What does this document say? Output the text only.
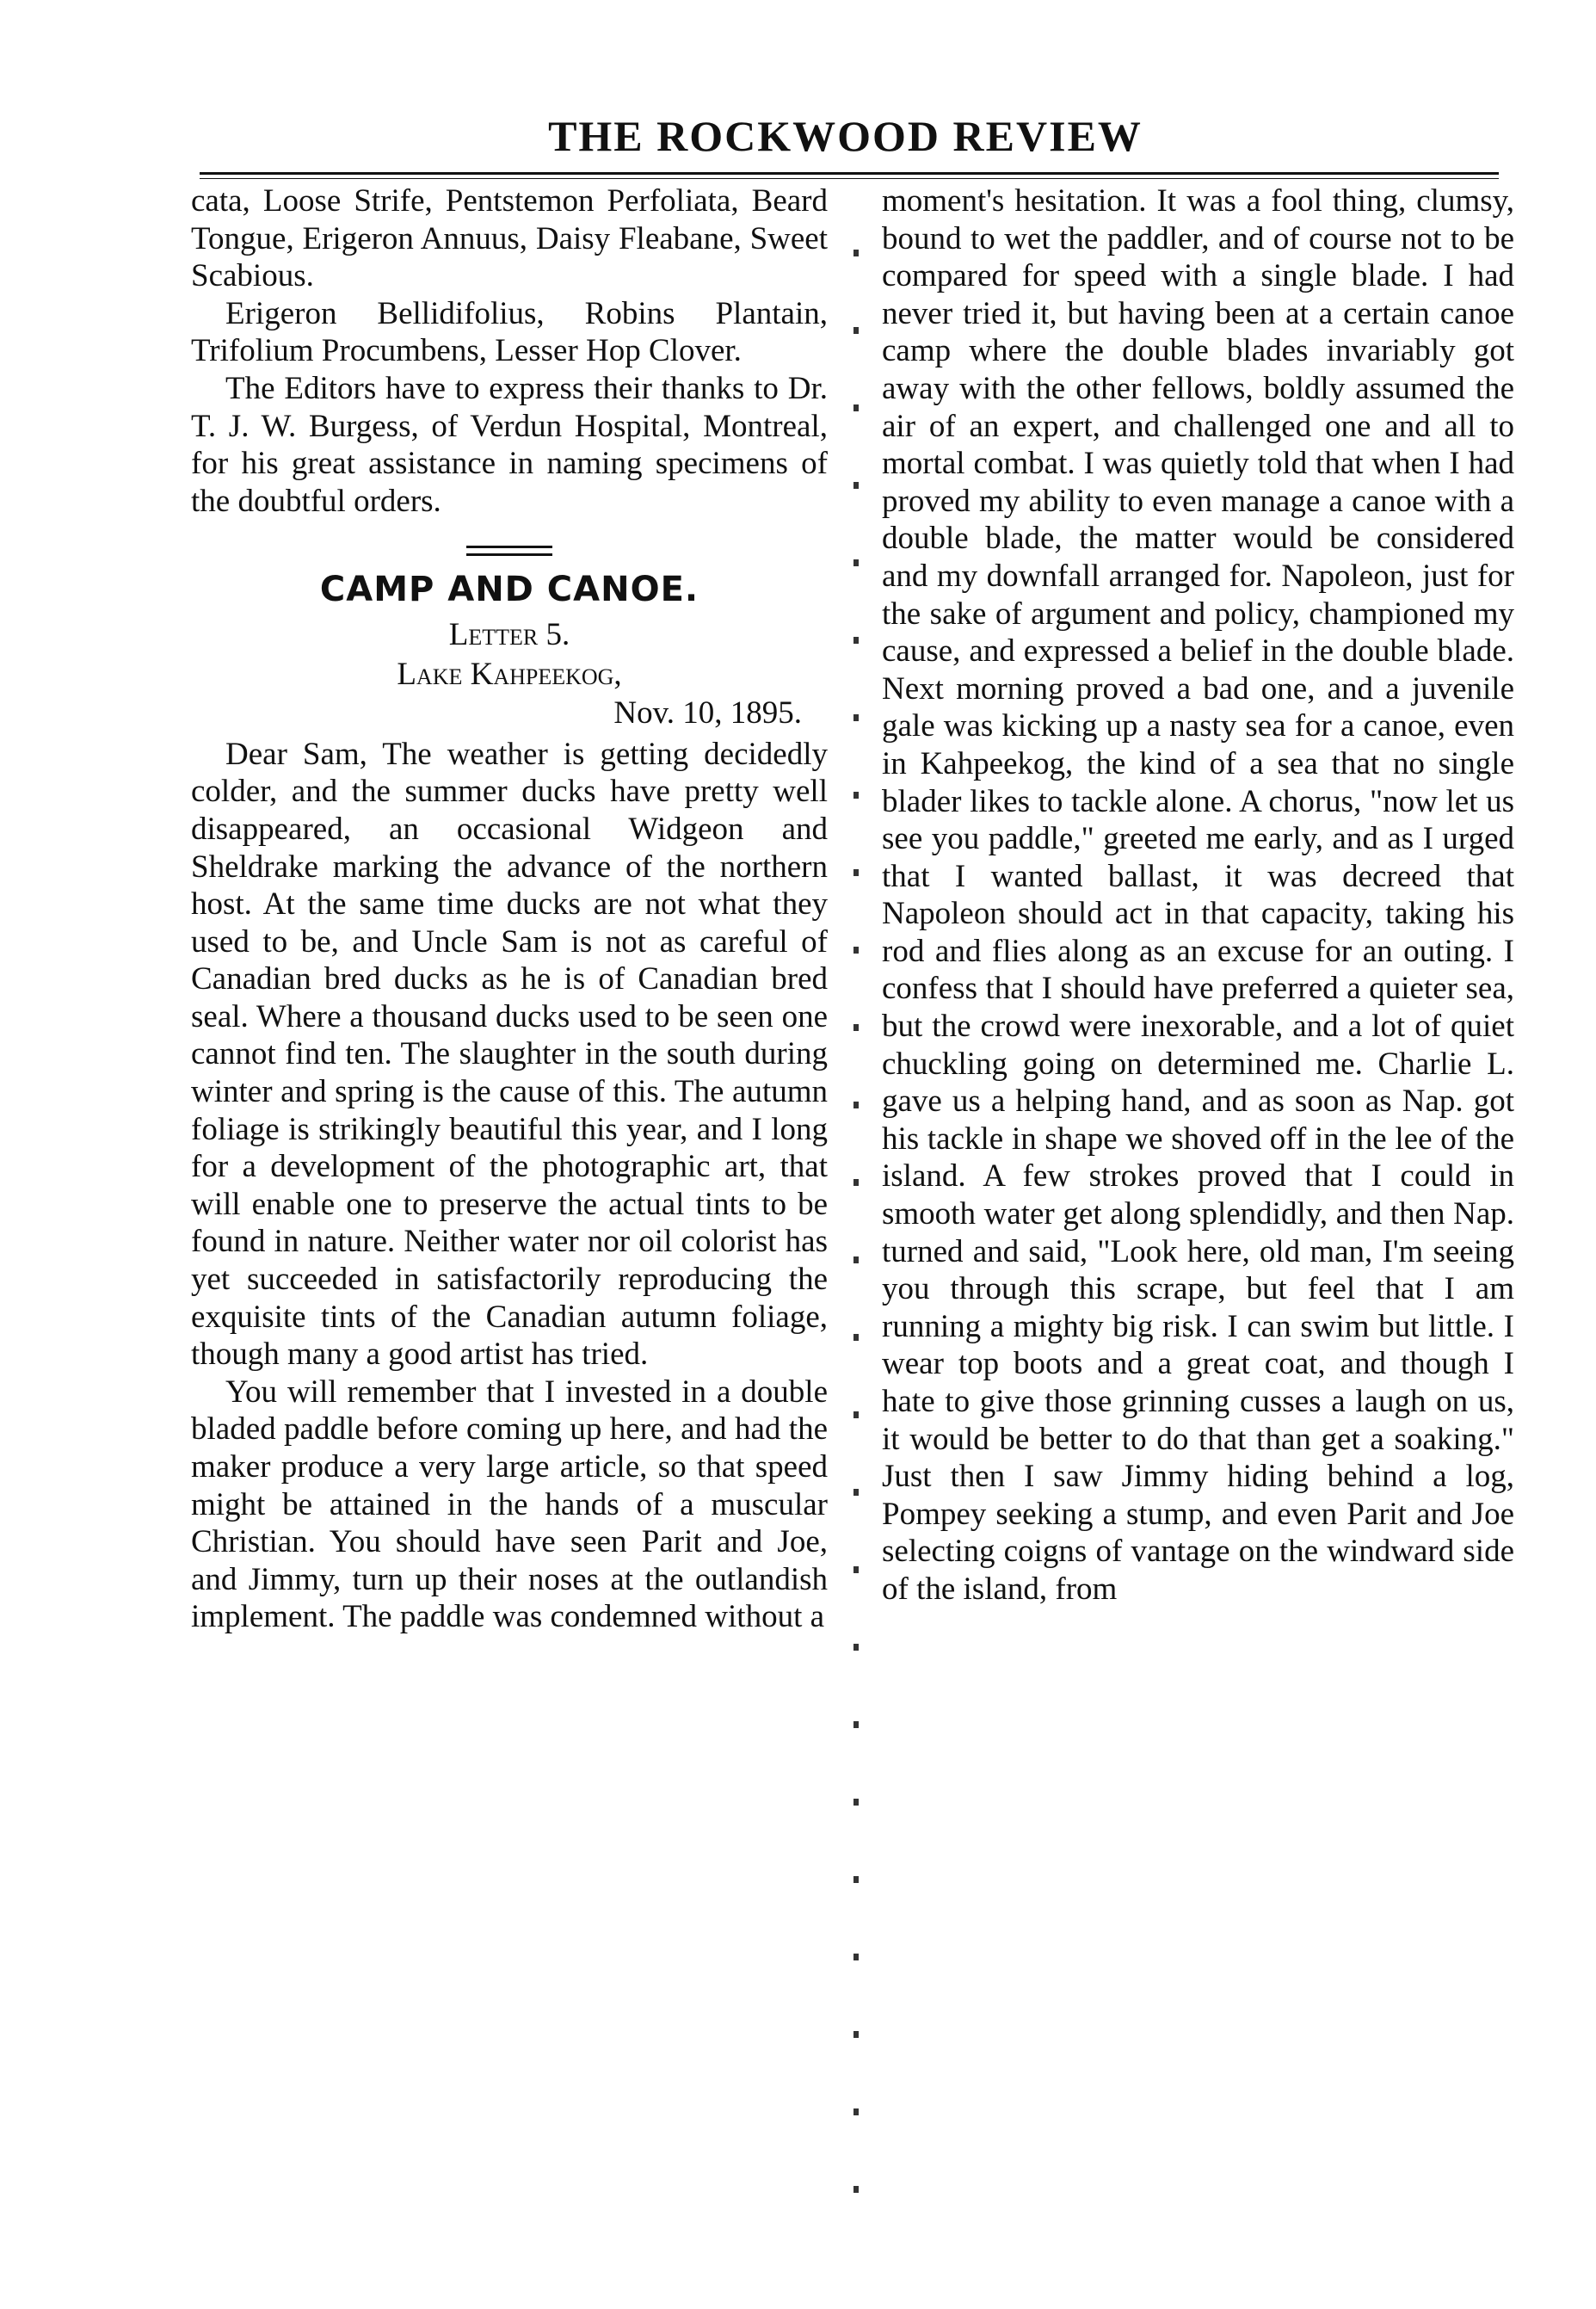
THE ROCKWOOD REVIEW

cata, Loose Strife, Pentstemon Perfoliata, Beard Tongue, Erigeron Annuus, Daisy Fleabane, Sweet Scabious.

Erigeron Bellidifolius, Robins Plantain, Trifolium Procumbens, Lesser Hop Clover.

The Editors have to express their thanks to Dr. T. J. W. Burgess, of Verdun Hospital, Montreal, for his great assistance in naming specimens of the doubtful orders.

CAMP AND CANOE.
Letter 5.
Lake Kahpeekog,
Nov. 10, 1895.

Dear Sam, The weather is getting decidedly colder, and the summer ducks have pretty well disappeared, an occasional Widgeon and Sheldrake marking the advance of the northern host. At the same time ducks are not what they used to be, and Uncle Sam is not as careful of Canadian bred ducks as he is of Canadian bred seal. Where a thousand ducks used to be seen one cannot find ten. The slaughter in the south during winter and spring is the cause of this. The autumn foliage is strikingly beautiful this year, and I long for a development of the photographic art, that will enable one to preserve the actual tints to be found in nature. Neither water nor oil colorist has yet succeeded in satisfactorily reproducing the exquisite tints of the Canadian autumn foliage, though many a good artist has tried.

You will remember that I invested in a double bladed paddle before coming up here, and had the maker produce a very large article, so that speed might be attained in the hands of a muscular Christian. You should have seen Parit and Joe, and Jimmy, turn up their noses at the outlandish implement. The paddle was condemned without a

moment's hesitation. It was a fool thing, clumsy, bound to wet the paddler, and of course not to be compared for speed with a single blade. I had never tried it, but having been at a certain canoe camp where the double blades invariably got away with the other fellows, boldly assumed the air of an expert, and challenged one and all to mortal combat. I was quietly told that when I had proved my ability to even manage a canoe with a double blade, the matter would be considered and my downfall arranged for. Napoleon, just for the sake of argument and policy, championed my cause, and expressed a belief in the double blade. Next morning proved a bad one, and a juvenile gale was kicking up a nasty sea for a canoe, even in Kahpeekog, the kind of a sea that no single blader likes to tackle alone. A chorus, "now let us see you paddle," greeted me early, and as I urged that I wanted ballast, it was decreed that Napoleon should act in that capacity, taking his rod and flies along as an excuse for an outing. I confess that I should have preferred a quieter sea, but the crowd were inexorable, and a lot of quiet chuckling going on determined me. Charlie L. gave us a helping hand, and as soon as Nap. got his tackle in shape we shoved off in the lee of the island. A few strokes proved that I could in smooth water get along splendidly, and then Nap. turned and said, "Look here, old man, I'm seeing you through this scrape, but feel that I am running a mighty big risk. I can swim but little. I wear top boots and a great coat, and though I hate to give those grinning cusses a laugh on us, it would be better to do that than get a soaking." Just then I saw Jimmy hiding behind a log, Pompey seeking a stump, and even Parit and Joe selecting coigns of vantage on the windward side of the island, from
